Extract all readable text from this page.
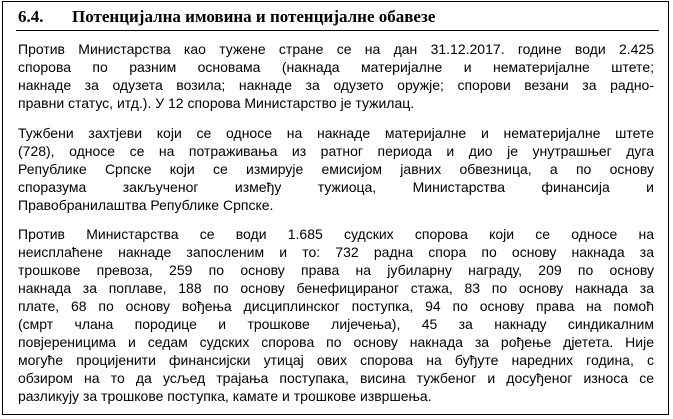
6.4. Потенцијална имовина и потенцијалне обавезе
Против Министарства као тужене стране се на дан 31.12.2017. године води 2.425
спорова по разним основама (накнада материјалне и нематеријалне штете;
накнаде за одузета возила; накнаде за одузето оружје; спорови везани за радно-
правни статус, итд.). У 12 спорова Министарство је тужилац.
Тужбени захтјеви који се односе на накнаде материјалне и нематеријалне штете
(728), односе се на потраживања из ратног периода и дио је унутрашњег дуга
Републике Српске који се измирује емисијом јавних обвезница, а по основу
споразума закључeног између тужиоца, Министарства финансија и
Правобранилаштва Републике Српске.
Против Министарства се води 1.685 судских спорова који се односе на
неисплаћене накнаде запосленим и то: 732 радна спора по основу накнада за
трошкове превоза, 259 по основу права на јубиларну награду, 209 по основу
накнада за поплаве, 188 по основу бенефицираног стажа, 83 по основу накнада за
плате, 68 по основу вођења дисциплинског поступка, 94 по основу права на помоћ
(смрт члана породице и трошкове лијечења), 45 за накнаду синдикалним
повјереницима и седам судских спорова по основу накнада за рођење дјетета. Није
могуће процијенити финансијски утицај ових спорова на буђуте наредних година, с
обзиром на то да усљед трајања поступака, висина тужбеног и досуђеног износа се
разликују за трошкове поступка, камате и трошкове извршења.
